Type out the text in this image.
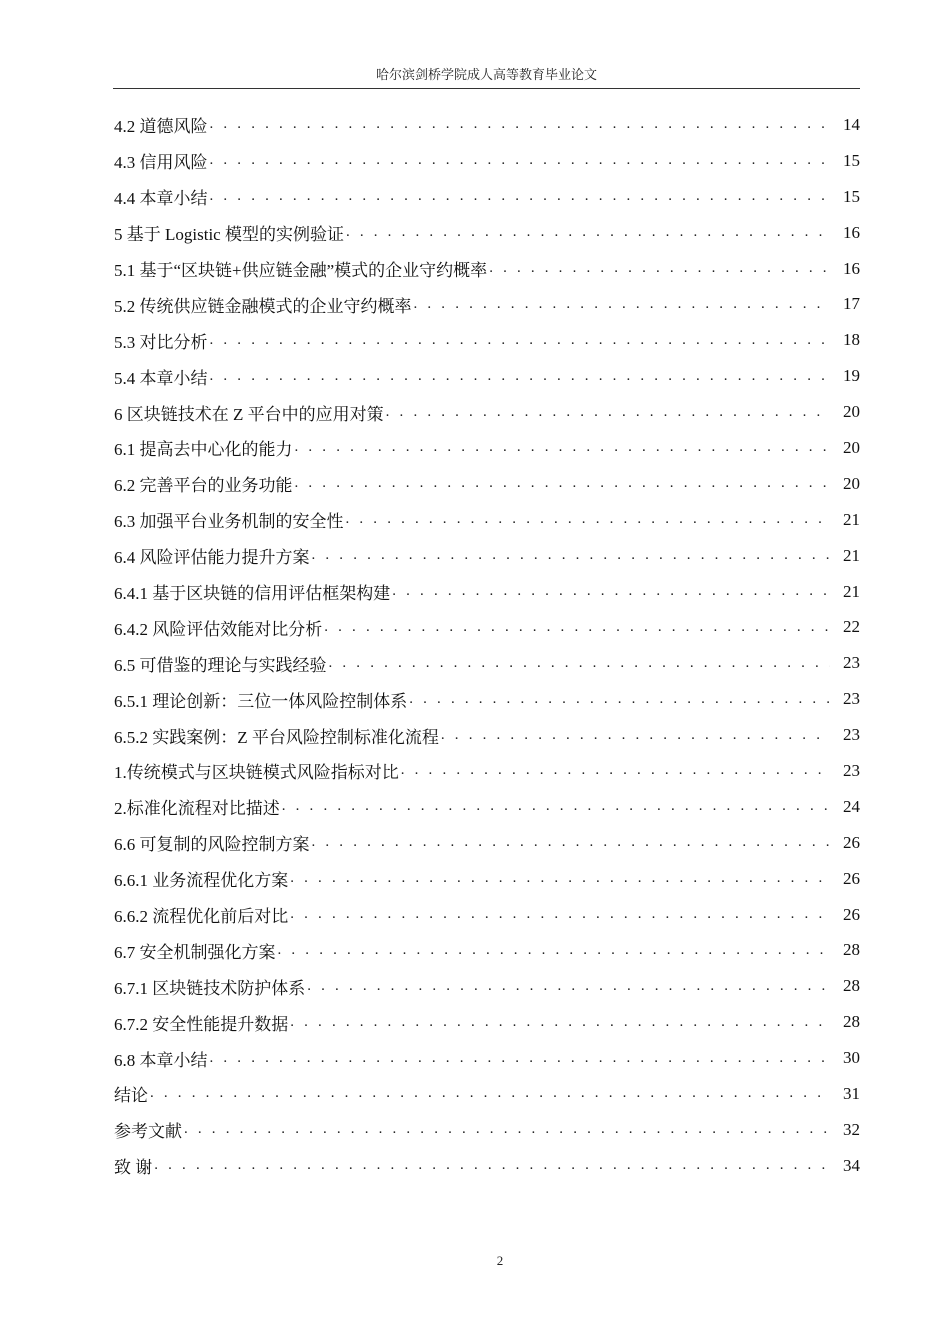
哈尔滨剑桥学院成人高等教育毕业论文
4.2 道德风险 . . .	14
4.3 信用风险 . . .	15
4.4 本章小结 . . .	15
5 基于 Logistic 模型的实例验证 . . .	16
5.1 基于“区块链+供应链金融”模式的企业守约概率 . . .	16
5.2 传统供应链金融模式的企业守约概率 . . .	17
5.3 对比分析 . . .	18
5.4 本章小结 . . .	19
6 区块链技术在 Z 平台中的应用对策 . . .	20
6.1 提高去中心化的能力 . . .	20
6.2 完善平台的业务功能 . . .	20
6.3 加强平台业务机制的安全性 . . .	21
6.4 风险评估能力提升方案 . . .	21
6.4.1 基于区块链的信用评估框架构建 . . .	21
6.4.2 风险评估效能对比分析 . . .	22
6.5 可借鉴的理论与实践经验 . . .	23
6.5.1 理论创新：三位一体风险控制体系 . . .	23
6.5.2 实践案例：Z 平台风险控制标准化流程 . . .	23
1.传统模式与区块链模式风险指标对比 . . .	23
2.标准化流程对比描述 . . .	24
6.6 可复制的风险控制方案 . . .	26
6.6.1 业务流程优化方案 . . .	26
6.6.2 流程优化前后对比 . . .	26
6.7 安全机制强化方案 . . .	28
6.7.1 区块链技术防护体系 . . .	28
6.7.2 安全性能提升数据 . . .	28
6.8 本章小结 . . .	30
结论 . . .	31
参考文献 . . .	32
致 谢 . . .	34
2
